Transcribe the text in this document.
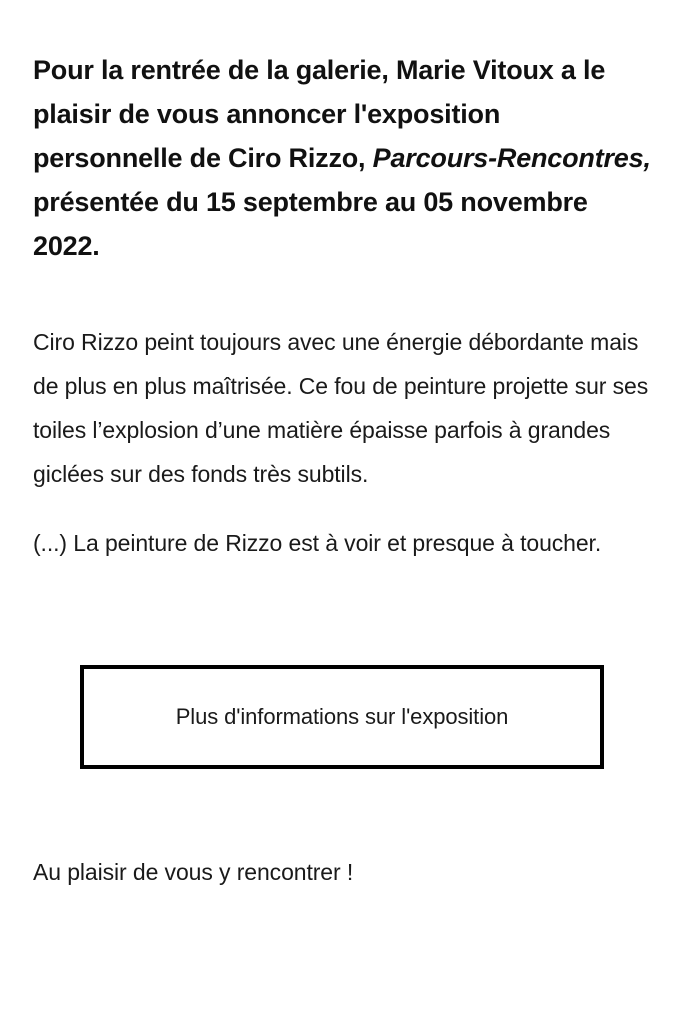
Pour la rentrée de la galerie, Marie Vitoux a le plaisir de vous annoncer l'exposition personnelle de Ciro Rizzo, Parcours-Rencontres, présentée du 15 septembre au 05 novembre 2022.

Ciro Rizzo peint toujours avec une énergie débordante mais de plus en plus maîtrisée. Ce fou de peinture projette sur ses toiles l’explosion d’une matière épaisse parfois à grandes giclées sur des fonds très subtils.

(...) La peinture de Rizzo est à voir et presque à toucher.

Plus d'informations sur l'exposition
Au plaisir de vous y rencontrer !
